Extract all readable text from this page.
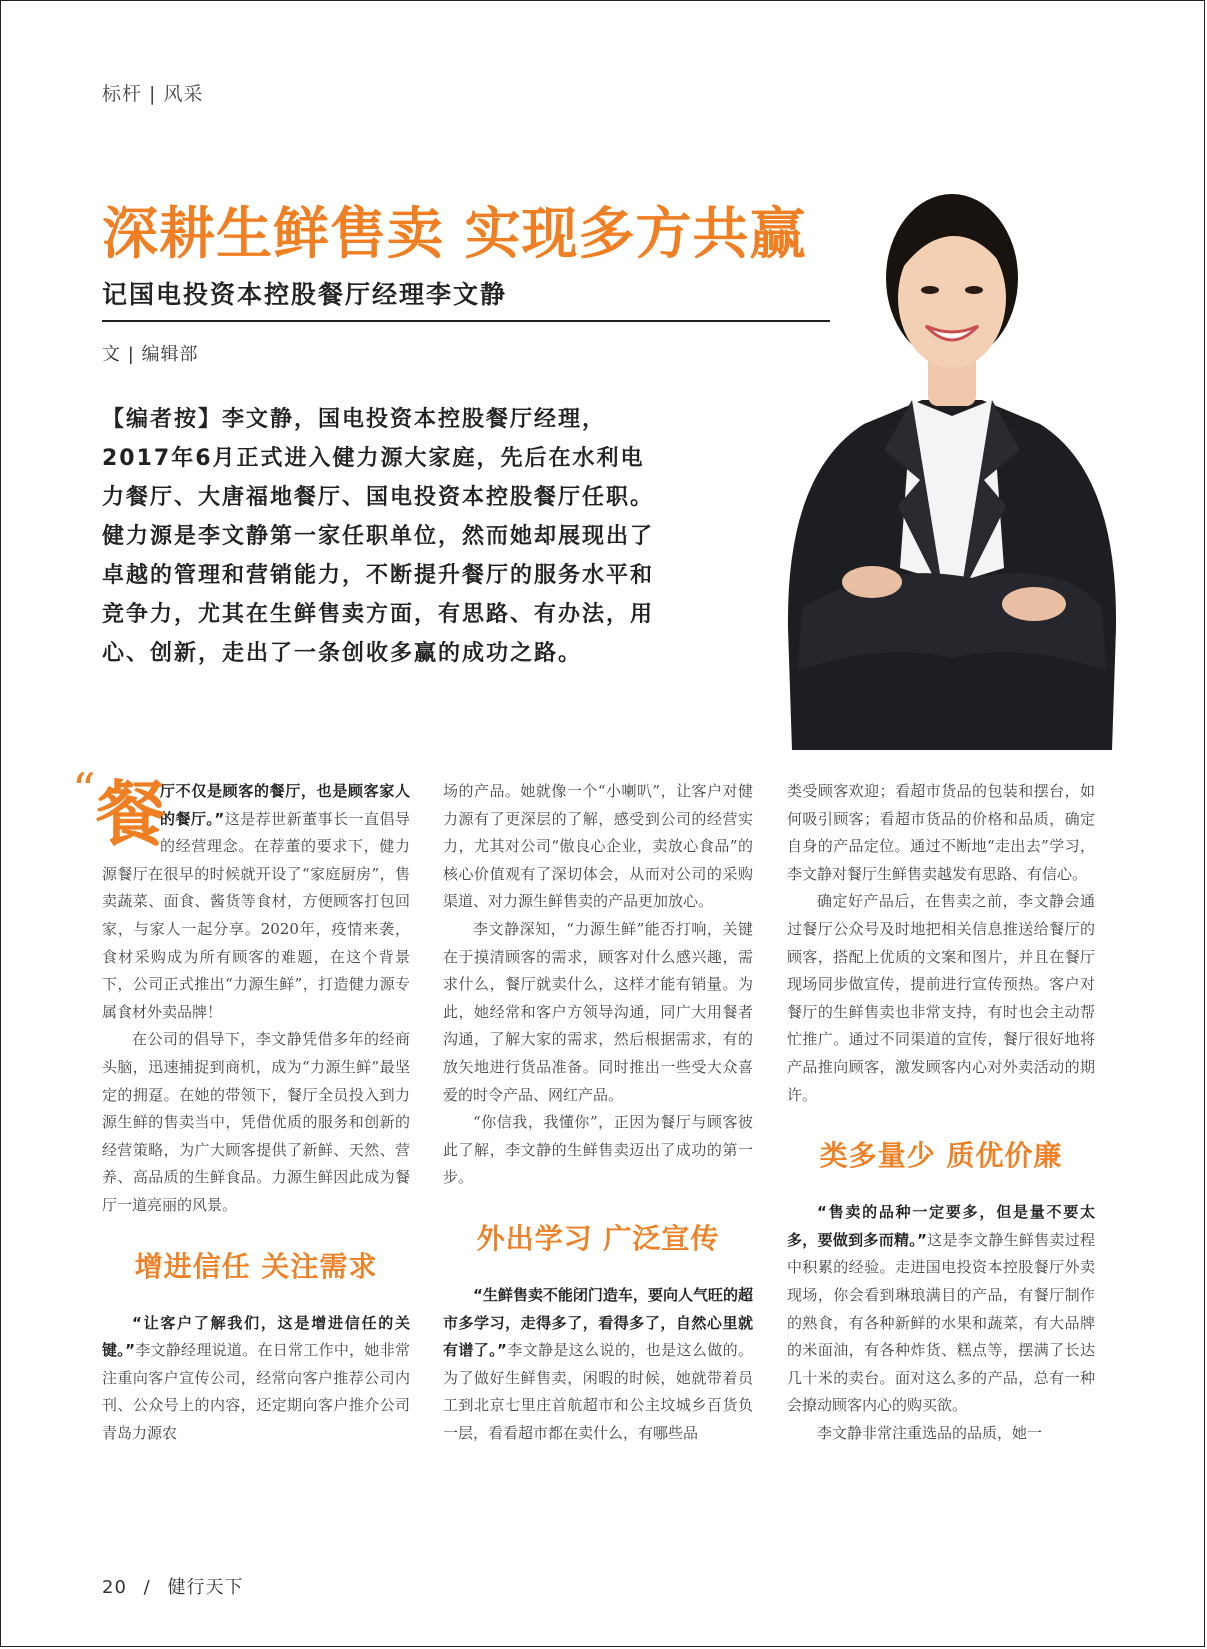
标杆 | 风采
深耕生鲜售卖 实现多方共赢
记国电投资本控股餐厅经理李文静
文 | 编辑部

【编者按】李文静，国电投资本控股餐厅经理，2017年6月正式进入健力源大家庭，先后在水利电力餐厅、大唐福地餐厅、国电投资本控股餐厅任职。健力源是李文静第一家任职单位，然而她却展现出了卓越的管理和营销能力，不断提升餐厅的服务水平和竞争力，尤其在生鲜售卖方面，有思路、有办法，用心、创新，走出了一条创收多赢的成功之路。

“ 餐

厅不仅是顾客的餐厅，也是顾客家人的餐厅。”这是荐世新董事长一直倡导的经营理念。在荐董的要求下，健力源餐厅在很早的时候就开设了“家庭厨房”，售卖蔬菜、面食、酱货等食材，方便顾客打包回家，与家人一起分享。2020年，疫情来袭，食材采购成为所有顾客的难题，在这个背景下，公司正式推出“力源生鲜”，打造健力源专属食材外卖品牌！

在公司的倡导下，李文静凭借多年的经商头脑，迅速捕捉到商机，成为“力源生鲜”最坚定的拥趸。在她的带领下，餐厅全员投入到力源生鲜的售卖当中，凭借优质的服务和创新的经营策略，为广大顾客提供了新鲜、天然、营养、高品质的生鲜食品。力源生鲜因此成为餐厅一道亮丽的风景。

增进信任 关注需求

“让客户了解我们，这是增进信任的关键。”李文静经理说道。在日常工作中，她非常注重向客户宣传公司，经常向客户推荐公司内刊、公众号上的内容，还定期向客户推介公司青岛力源农

场的产品。她就像一个“小喇叭”，让客户对健力源有了更深层的了解，感受到公司的经营实力，尤其对公司“傲良心企业，卖放心食品”的核心价值观有了深切体会，从而对公司的采购渠道、对力源生鲜售卖的产品更加放心。

李文静深知，“力源生鲜”能否打响，关键在于摸清顾客的需求，顾客对什么感兴趣，需求什么，餐厅就卖什么，这样才能有销量。为此，她经常和客户方领导沟通，同广大用餐者沟通，了解大家的需求，然后根据需求，有的放矢地进行货品准备。同时推出一些受大众喜爱的时令产品、网红产品。

“你信我，我懂你”，正因为餐厅与顾客彼此了解，李文静的生鲜售卖迈出了成功的第一步。

外出学习 广泛宣传

“生鲜售卖不能闭门造车，要向人气旺的超市多学习，走得多了，看得多了，自然心里就有谱了。”李文静是这么说的，也是这么做的。为了做好生鲜售卖，闲暇的时候，她就带着员工到北京七里庄首航超市和公主坟城乡百货负一层，看看超市都在卖什么，有哪些品

类受顾客欢迎；看超市货品的包装和摆台，如何吸引顾客；看超市货品的价格和品质，确定自身的产品定位。通过不断地“走出去”学习，李文静对餐厅生鲜售卖越发有思路、有信心。

确定好产品后，在售卖之前，李文静会通过餐厅公众号及时地把相关信息推送给餐厅的顾客，搭配上优质的文案和图片，并且在餐厅现场同步做宣传，提前进行宣传预热。客户对餐厅的生鲜售卖也非常支持，有时也会主动帮忙推广。通过不同渠道的宣传，餐厅很好地将产品推向顾客，激发顾客内心对外卖活动的期许。

类多量少 质优价廉

“售卖的品种一定要多，但是量不要太多，要做到多而精。”这是李文静生鲜售卖过程中积累的经验。走进国电投资本控股餐厅外卖现场，你会看到琳琅满目的产品，有餐厅制作的熟食，有各种新鲜的水果和蔬菜，有大品牌的米面油，有各种炸货、糕点等，摆满了长达几十米的卖台。面对这么多的产品，总有一种会撩动顾客内心的购买欲。

李文静非常注重选品的品质，她一

20 / 健行天下
